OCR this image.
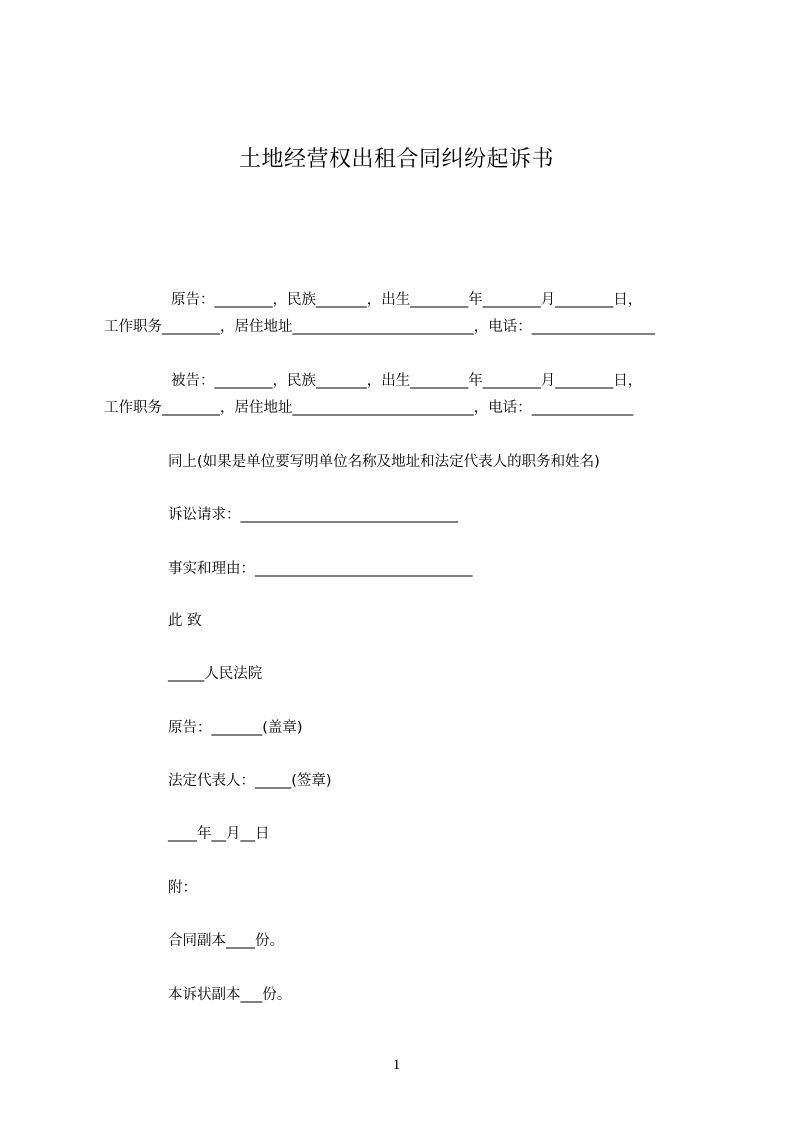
土地经营权出租合同纠纷起诉书
原告：________，民族_______，出生________年________月________日，
工作职务________，居住地址_________________________，电话：_________________
被告：________，民族_______，出生________年________月________日，
工作职务________，居住地址_________________________，电话：______________
同上(如果是单位要写明单位名称及地址和法定代表人的职务和姓名)
诉讼请求：______________________________
事实和理由：______________________________
此 致
_____人民法院
原告：_______(盖章)
法定代表人：_____(签章)
____年__月__日
附：
合同副本____份。
本诉状副本___份。
1
